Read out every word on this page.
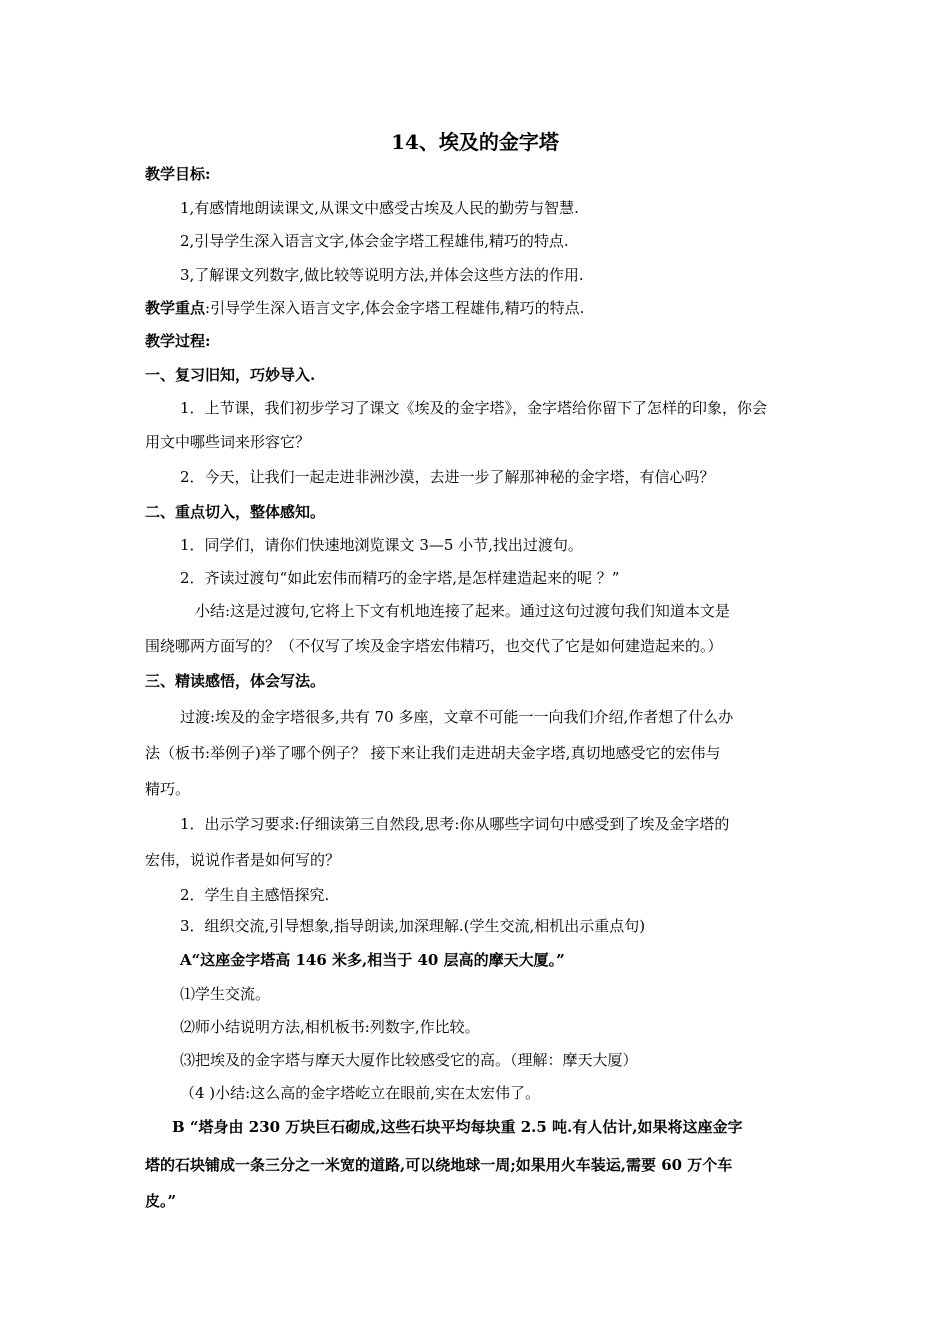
14、埃及的金字塔
教学目标:
1,有感情地朗读课文,从课文中感受古埃及人民的勤劳与智慧.
2,引导学生深入语言文字,体会金字塔工程雄伟,精巧的特点.
3,了解课文列数字,做比较等说明方法,并体会这些方法的作用.
教学重点:引导学生深入语言文字,体会金字塔工程雄伟,精巧的特点.
教学过程:
一、复习旧知，巧妙导入.
1．上节课，我们初步学习了课文《埃及的金字塔》，金字塔给你留下了怎样的印象，你会
用文中哪些词来形容它？
2．今天，让我们一起走进非洲沙漠，去进一步了解那神秘的金字塔，有信心吗？
二、重点切入，整体感知。
1．同学们，请你们快速地浏览课文 3—5 小节,找出过渡句。
2．齐读过渡句“如此宏伟而精巧的金字塔,是怎样建造起来的呢 ？”
小结:这是过渡句,它将上下文有机地连接了起来。通过这句过渡句我们知道本文是
围绕哪两方面写的？（不仅写了埃及金字塔宏伟精巧，也交代了它是如何建造起来的。）
三、精读感悟，体会写法。
过渡:埃及的金字塔很多,共有 70 多座，文章不可能一一向我们介绍,作者想了什么办
法（板书:举例子)举了哪个例子？ 接下来让我们走进胡夫金字塔,真切地感受它的宏伟与
精巧。
1．出示学习要求:仔细读第三自然段,思考:你从哪些字词句中感受到了埃及金字塔的
宏伟，说说作者是如何写的？
2．学生自主感悟探究.
3．组织交流,引导想象,指导朗读,加深理解.(学生交流,相机出示重点句)
A“这座金字塔高 146 米多,相当于 40 层高的摩天大厦。”
⑴学生交流。
⑵师小结说明方法,相机板书:列数字,作比较。
⑶把埃及的金字塔与摩天大厦作比较感受它的高。（理解：摩天大厦）
（4 )小结:这么高的金字塔屹立在眼前,实在太宏伟了。
B “塔身由 230 万块巨石砌成,这些石块平均每块重 2.5 吨.有人估计,如果将这座金字
塔的石块铺成一条三分之一米宽的道路,可以绕地球一周;如果用火车装运,需要 60 万个车
皮。”
